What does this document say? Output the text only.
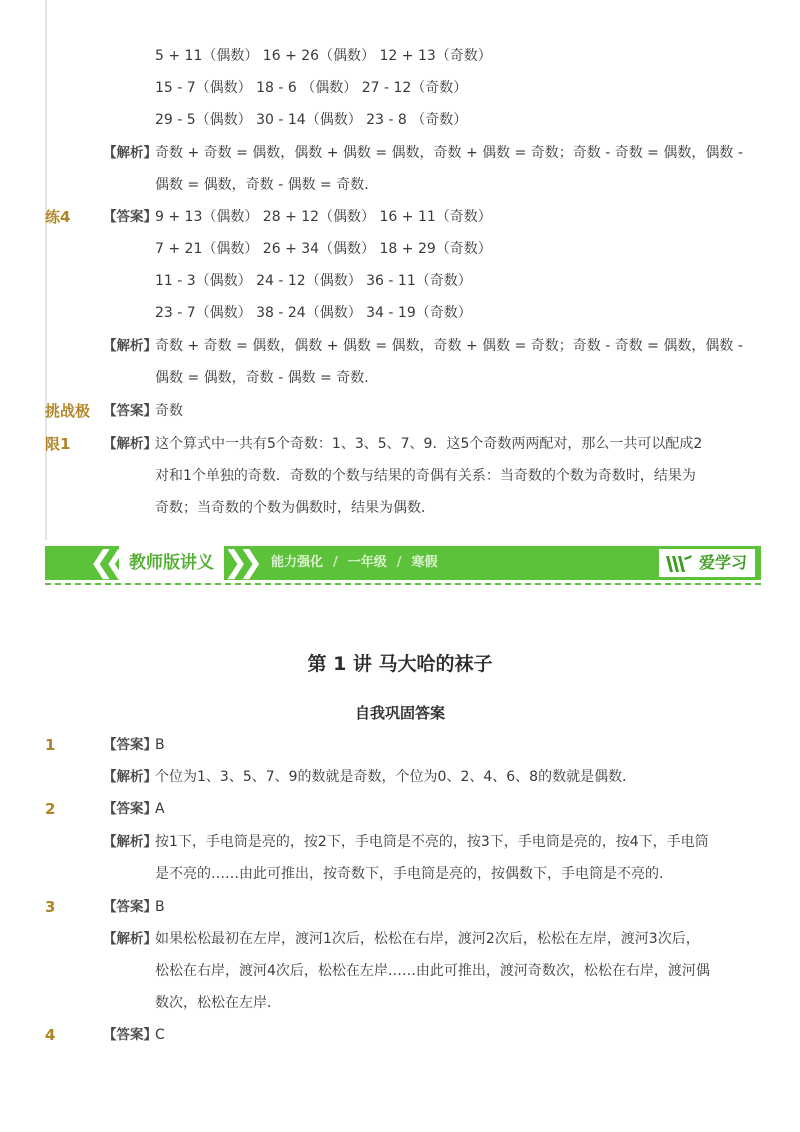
5 + 11（偶数） 16 + 26（偶数） 12 + 13（奇数）
15 - 7（偶数） 18 - 6 （偶数） 27 - 12（奇数）
29 - 5（偶数） 30 - 14（偶数） 23 - 8 （奇数）
【解析】
奇数 + 奇数 = 偶数，偶数 + 偶数 = 偶数，奇数 + 偶数 = 奇数；奇数 - 奇数 = 偶数，偶数 -
偶数 = 偶数，奇数 - 偶数 = 奇数．
练4 【答案】
9 + 13（偶数） 28 + 12（偶数） 16 + 11（奇数）
7 + 21（偶数） 26 + 34（偶数） 18 + 29（奇数）
11 - 3（偶数） 24 - 12（偶数） 36 - 11（奇数）
23 - 7（偶数） 38 - 24（偶数） 34 - 19（奇数）
【解析】
奇数 + 奇数 = 偶数，偶数 + 偶数 = 偶数，奇数 + 偶数 = 奇数；奇数 - 奇数 = 偶数，偶数 -
偶数 = 偶数，奇数 - 偶数 = 奇数．
挑战极
限1
【答案】
奇数
【解析】
这个算式中一共有5个奇数：1、3、5、7、9．这5个奇数两两配对，那么一共可以配成2
对和1个单独的奇数．奇数的个数与结果的奇偶有关系：当奇数的个数为奇数时，结果为
奇数；当奇数的个数为偶数时，结果为偶数．
❮❮ 教师版讲义 ❯❯ 能力强化 / 一年级 / 寒假	爱学习
第 1 讲 马大哈的袜子
自我巩固答案
1	【答案】
B
【解析】
个位为1、3、5、7、9的数就是奇数，个位为0、2、4、6、8的数就是偶数．
2	【答案】
A
【解析】
按1下，手电筒是亮的，按2下，手电筒是不亮的，按3下，手电筒是亮的，按4下，手电筒
是不亮的……由此可推出，按奇数下，手电筒是亮的，按偶数下，手电筒是不亮的．
3	【答案】
B
【解析】
如果松松最初在左岸，渡河1次后，松松在右岸，渡河2次后，松松在左岸，渡河3次后，
松松在右岸，渡河4次后，松松在左岸……由此可推出，渡河奇数次，松松在右岸，渡河偶
数次，松松在左岸．
4	【答案】
C
